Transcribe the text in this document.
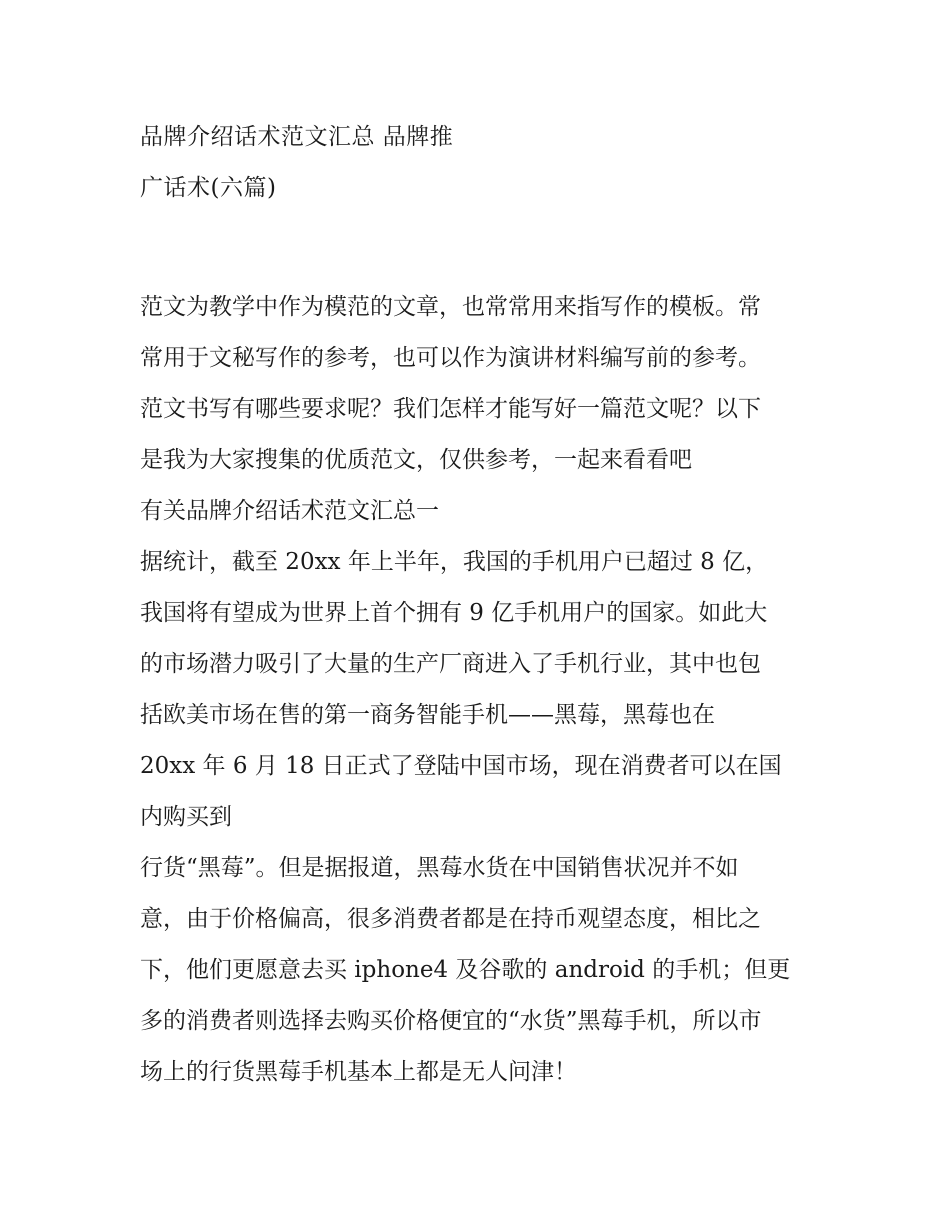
品牌介绍话术范文汇总 品牌推
广话术(六篇)
范文为教学中作为模范的文章，也常常用来指写作的模板。常
常用于文秘写作的参考，也可以作为演讲材料编写前的参考。
范文书写有哪些要求呢？我们怎样才能写好一篇范文呢？以下
是我为大家搜集的优质范文，仅供参考，一起来看看吧
有关品牌介绍话术范文汇总一
据统计，截至 20xx 年上半年，我国的手机用户已超过 8 亿，
我国将有望成为世界上首个拥有 9 亿手机用户的国家。如此大
的市场潜力吸引了大量的生产厂商进入了手机行业，其中也包
括欧美市场在售的第一商务智能手机——黑莓，黑莓也在
20xx 年 6 月 18 日正式了登陆中国市场，现在消费者可以在国
内购买到
行货“黑莓”。但是据报道，黑莓水货在中国销售状况并不如
意，由于价格偏高，很多消费者都是在持币观望态度，相比之
下，他们更愿意去买 iphone4 及谷歌的 android 的手机；但更
多的消费者则选择去购买价格便宜的“水货”黑莓手机，所以市
场上的行货黑莓手机基本上都是无人问津！
